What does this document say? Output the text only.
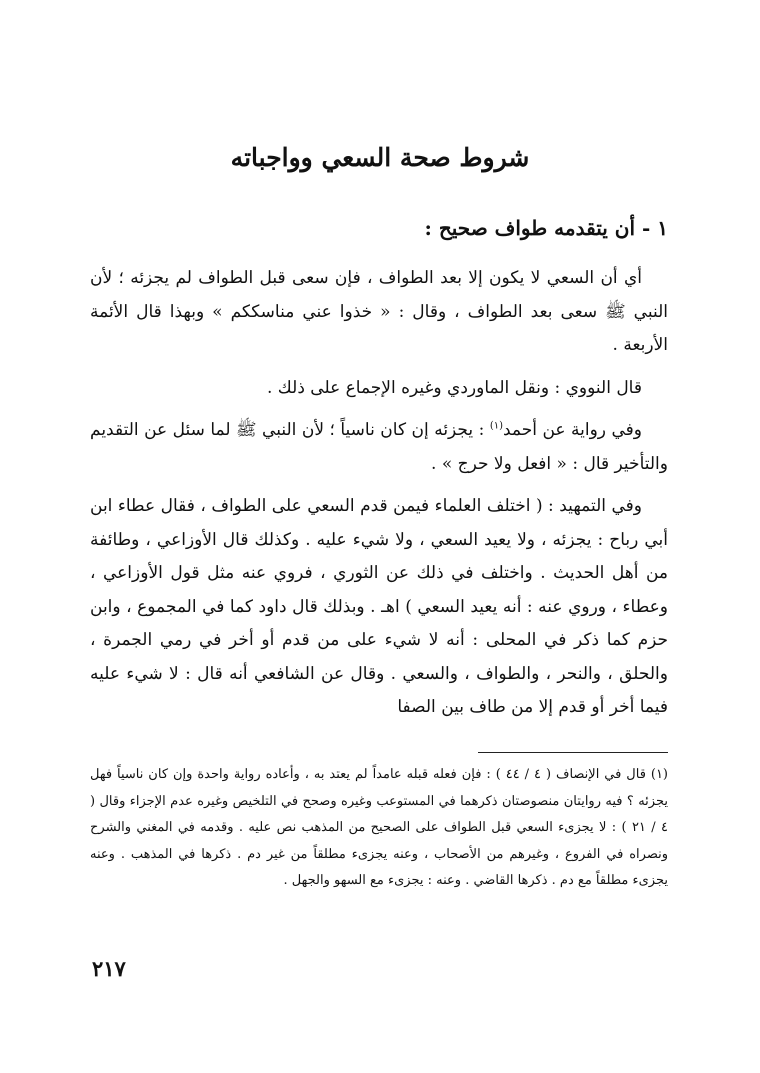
شروط صحة السعي وواجباته
١ - أن يتقدمه طواف صحيح :

أي أن السعي لا يكون إلا بعد الطواف ، فإن سعى قبل الطواف لم يجزئه ؛ لأن النبي ﷺ سعى بعد الطواف ، وقال : « خذوا عني مناسككم » وبهذا قال الأئمة الأربعة .

قال النووي : ونقل الماوردي وغيره الإجماع على ذلك .

وفي رواية عن أحمد$^{(١)}$ : يجزئه إن كان ناسياً ؛ لأن النبي ﷺ لما سئل عن التقديم والتأخير قال : « افعل ولا حرج » .

وفي التمهيد : ( اختلف العلماء فيمن قدم السعي على الطواف ، فقال عطاء ابن أبي رباح : يجزئه ، ولا يعيد السعي ، ولا شيء عليه . وكذلك قال الأوزاعي ، وطائفة من أهل الحديث . واختلف في ذلك عن الثوري ، فروي عنه مثل قول الأوزاعي ، وعطاء ، وروي عنه : أنه يعيد السعي ) اهـ . وبذلك قال داود كما في المجموع ، وابن حزم كما ذكر في المحلى : أنه لا شيء على من قدم أو أخر في رمي الجمرة ، والحلق ، والنحر ، والطواف ، والسعي . وقال عن الشافعي أنه قال : لا شيء عليه فيما أخر أو قدم إلا من طاف بين الصفا

(١) قال في الإنصاف ( ٤ / ٤٤ ) : فإن فعله قبله عامداً لم يعتد به ، وأعاده رواية واحدة وإن كان ناسياً فهل يجزئه ؟ فيه روايتان منصوصتان ذكرهما في المستوعب وغيره وصحح في التلخيص وغيره عدم الإجزاء وقال ( ٤ / ٢١ ) : لا يجزىء السعي قبل الطواف على الصحيح من المذهب نص عليه . وقدمه في المغني والشرح ونصراه في الفروع ، وغيرهم من الأصحاب ، وعنه يجزىء مطلقاً من غير دم . ذكرها في المذهب . وعنه يجزىء مطلقاً مع دم . ذكرها القاضي . وعنه : يجزىء مع السهو والجهل .

٢١٧
